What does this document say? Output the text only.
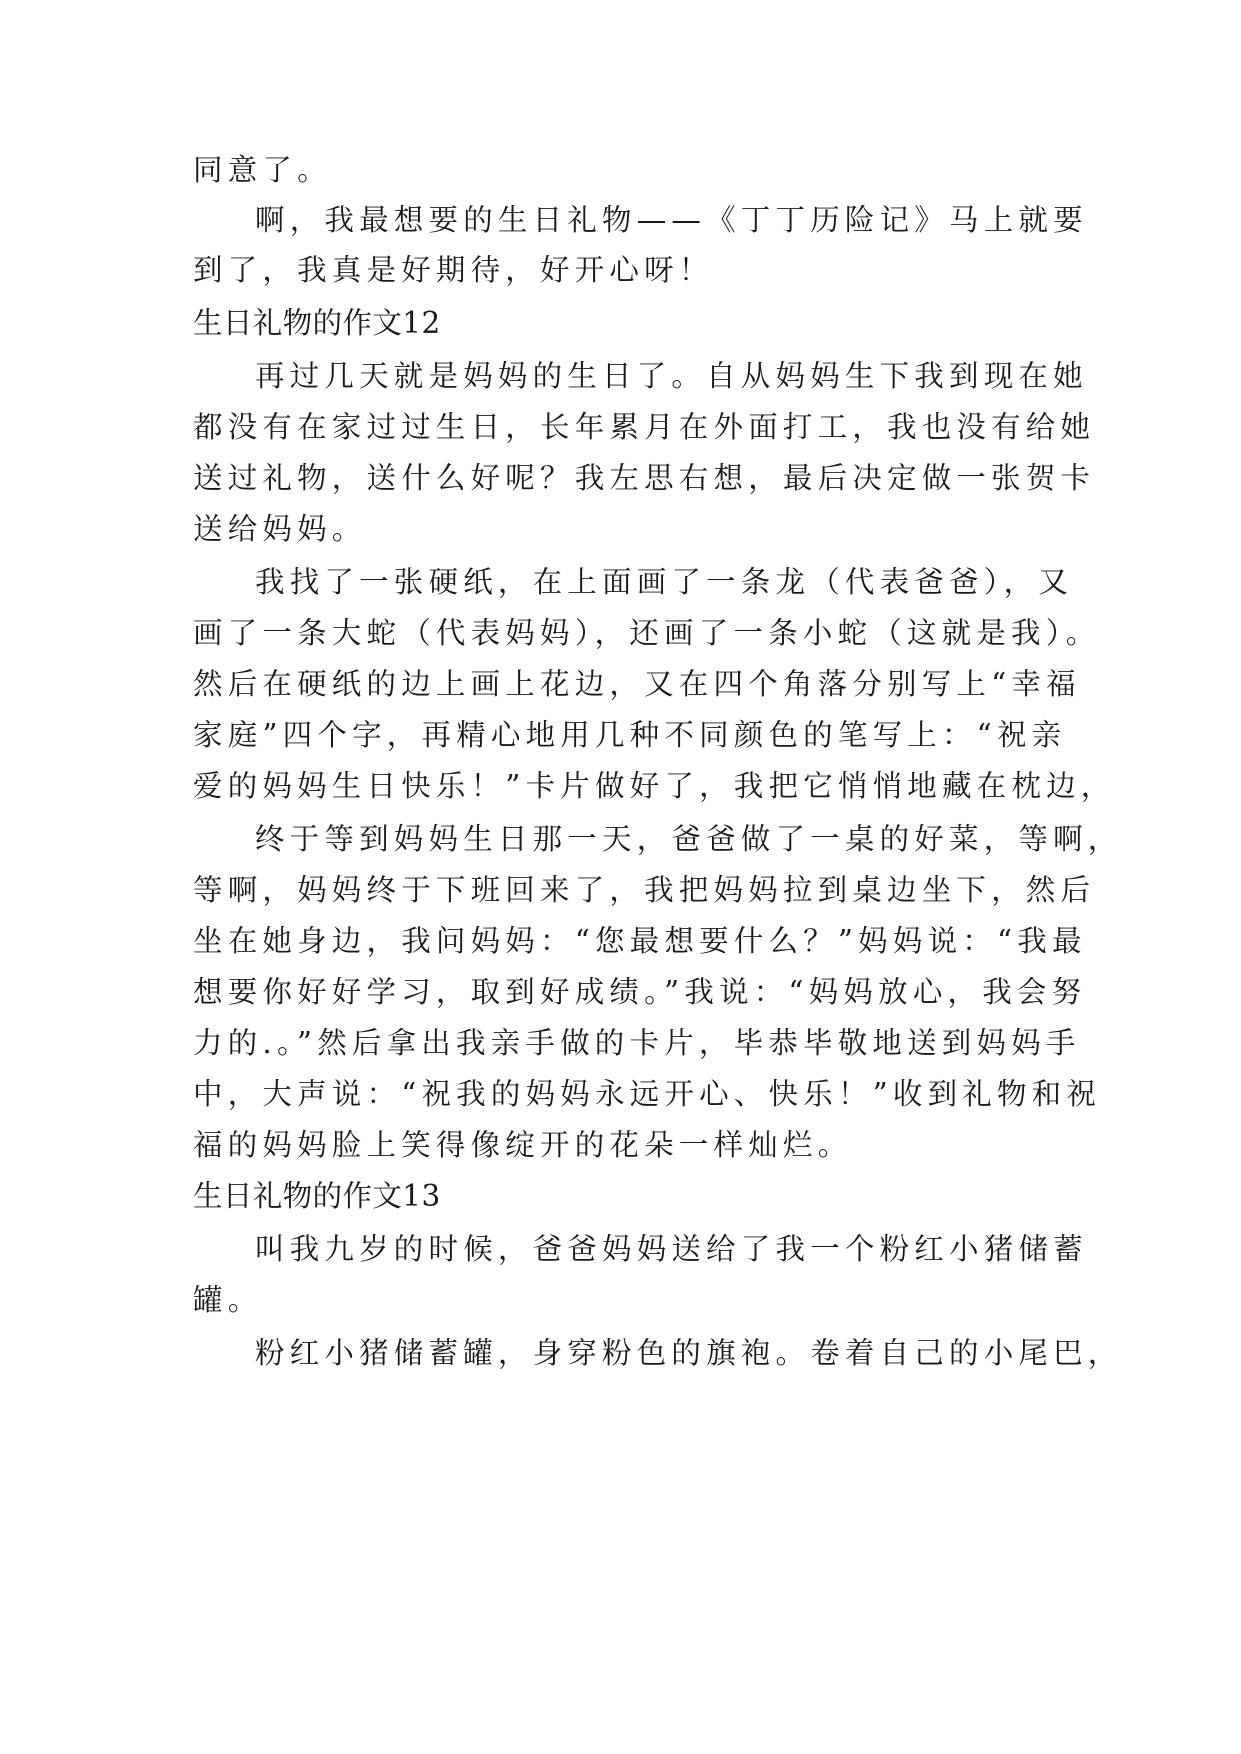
同意了。
啊，我最想要的生日礼物——《丁丁历险记》马上就要
到了，我真是好期待，好开心呀！
生日礼物的作文12
再过几天就是妈妈的生日了。自从妈妈生下我到现在她
都没有在家过过生日，长年累月在外面打工，我也没有给她
送过礼物，送什么好呢？我左思右想，最后决定做一张贺卡
送给妈妈。
我找了一张硬纸，在上面画了一条龙（代表爸爸），又
画了一条大蛇（代表妈妈），还画了一条小蛇（这就是我）。
然后在硬纸的边上画上花边，又在四个角落分别写上“幸福
家庭”四个字，再精心地用几种不同颜色的笔写上：“祝亲
爱的妈妈生日快乐！”卡片做好了，我把它悄悄地藏在枕边，
终于等到妈妈生日那一天，爸爸做了一桌的好菜，等啊，
等啊，妈妈终于下班回来了，我把妈妈拉到桌边坐下，然后
坐在她身边，我问妈妈：“您最想要什么？”妈妈说：“我最
想要你好好学习，取到好成绩。”我说：“妈妈放心，我会努
力的.。”然后拿出我亲手做的卡片，毕恭毕敬地送到妈妈手
中，大声说：“祝我的妈妈永远开心、快乐！”收到礼物和祝
福的妈妈脸上笑得像绽开的花朵一样灿烂。
生日礼物的作文13
叫我九岁的时候，爸爸妈妈送给了我一个粉红小猪储蓄
罐。
粉红小猪储蓄罐，身穿粉色的旗袍。卷着自己的小尾巴，
